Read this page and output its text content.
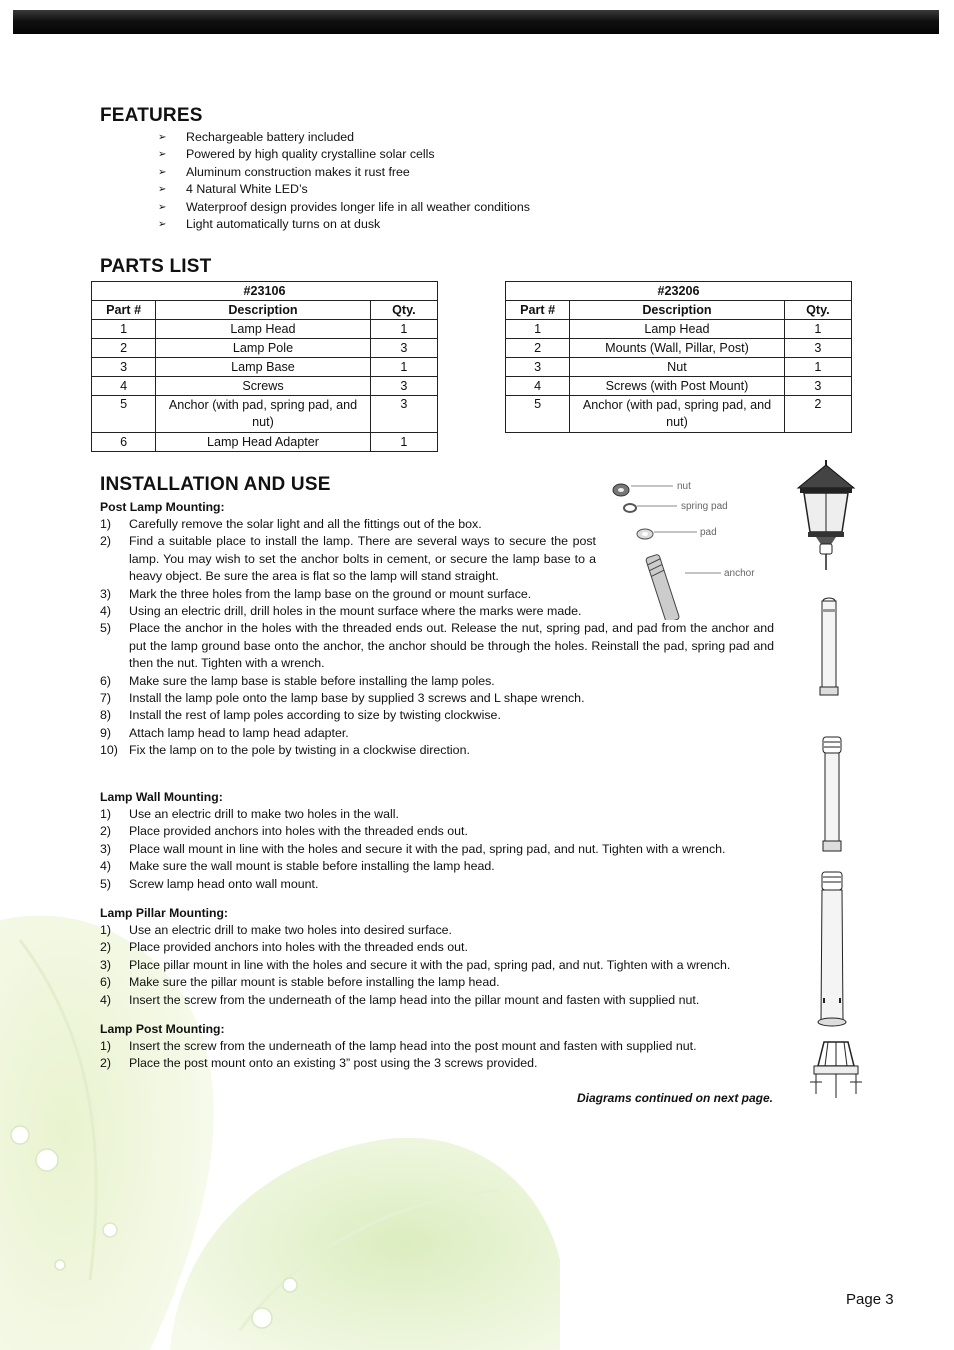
FEATURES
➢	Rechargeable battery included
➢	Powered by high quality crystalline solar cells
➢	Aluminum construction makes it rust free
➢	4 Natural White LED’s
➢	Waterproof design provides longer life in all weather conditions
➢	Light automatically turns on at dusk
PARTS LIST
#23106		
Part #	Description	Qty.
1	Lamp Head	1
2	Lamp Pole	3
3	Lamp Base	1
4	Screws	3
5	Anchor (with pad, spring pad, and nut)	3
6	Lamp Head Adapter	1
#23206		
Part #	Description	Qty.
1	Lamp Head	1
2	Mounts (Wall, Pillar, Post)	3
3	Nut	1
4	Screws (with Post Mount)	3
5	Anchor (with pad, spring pad, and nut)	2
INSTALLATION AND USE
Post Lamp Mounting:
1)	Carefully remove the solar light and all the fittings out of the box.
2)	Find a suitable place to install the lamp. There are several ways to secure the post lamp. You may wish to set the anchor bolts in cement, or secure the lamp base to a heavy object. Be sure the area is flat so the lamp will stand straight.
3)	Mark the three holes from the lamp base on the ground or mount surface.
4)	Using an electric drill, drill holes in the mount surface where the marks were made.
5)	Place the anchor in the holes with the threaded ends out. Release the nut, spring pad, and pad from the anchor and put the lamp ground base onto the anchor, the anchor should be through the holes. Reinstall the pad, spring pad and then the nut. Tighten with a wrench.
6)	Make sure the lamp base is stable before installing the lamp poles.
7)	Install the lamp pole onto the lamp base by supplied 3 screws and L shape wrench.
8)	Install the rest of lamp poles according to size by twisting clockwise.
9)	Attach lamp head to lamp head adapter.
10) Fix the lamp on to the pole by twisting in a clockwise direction.
Lamp Wall Mounting:
1)	Use an electric drill to make two holes in the wall.
2)	Place provided anchors into holes with the threaded ends out.
3)	Place wall mount in line with the holes and secure it with the pad, spring pad, and nut. Tighten with a wrench.
4)	Make sure the wall mount is stable before installing the lamp head.
5)	Screw lamp head onto wall mount.
Lamp Pillar Mounting:
1)	Use an electric drill to make two holes into desired surface.
2)	Place provided anchors into holes with the threaded ends out.
3)	Place pillar mount in line with the holes and secure it with the pad, spring pad, and nut. Tighten with a wrench.
6)	Make sure the pillar mount is stable before installing the lamp head.
4)	Insert the screw from the underneath of the lamp head into the pillar mount and fasten with supplied nut.
Lamp Post Mounting:
1)	Insert the screw from the underneath of the lamp head into the post mount and fasten with supplied nut.
2)	Place the post mount onto an existing 3” post using the 3 screws provided.
Diagrams continued on next page.
nut
spring pad
pad
anchor
Page 3
